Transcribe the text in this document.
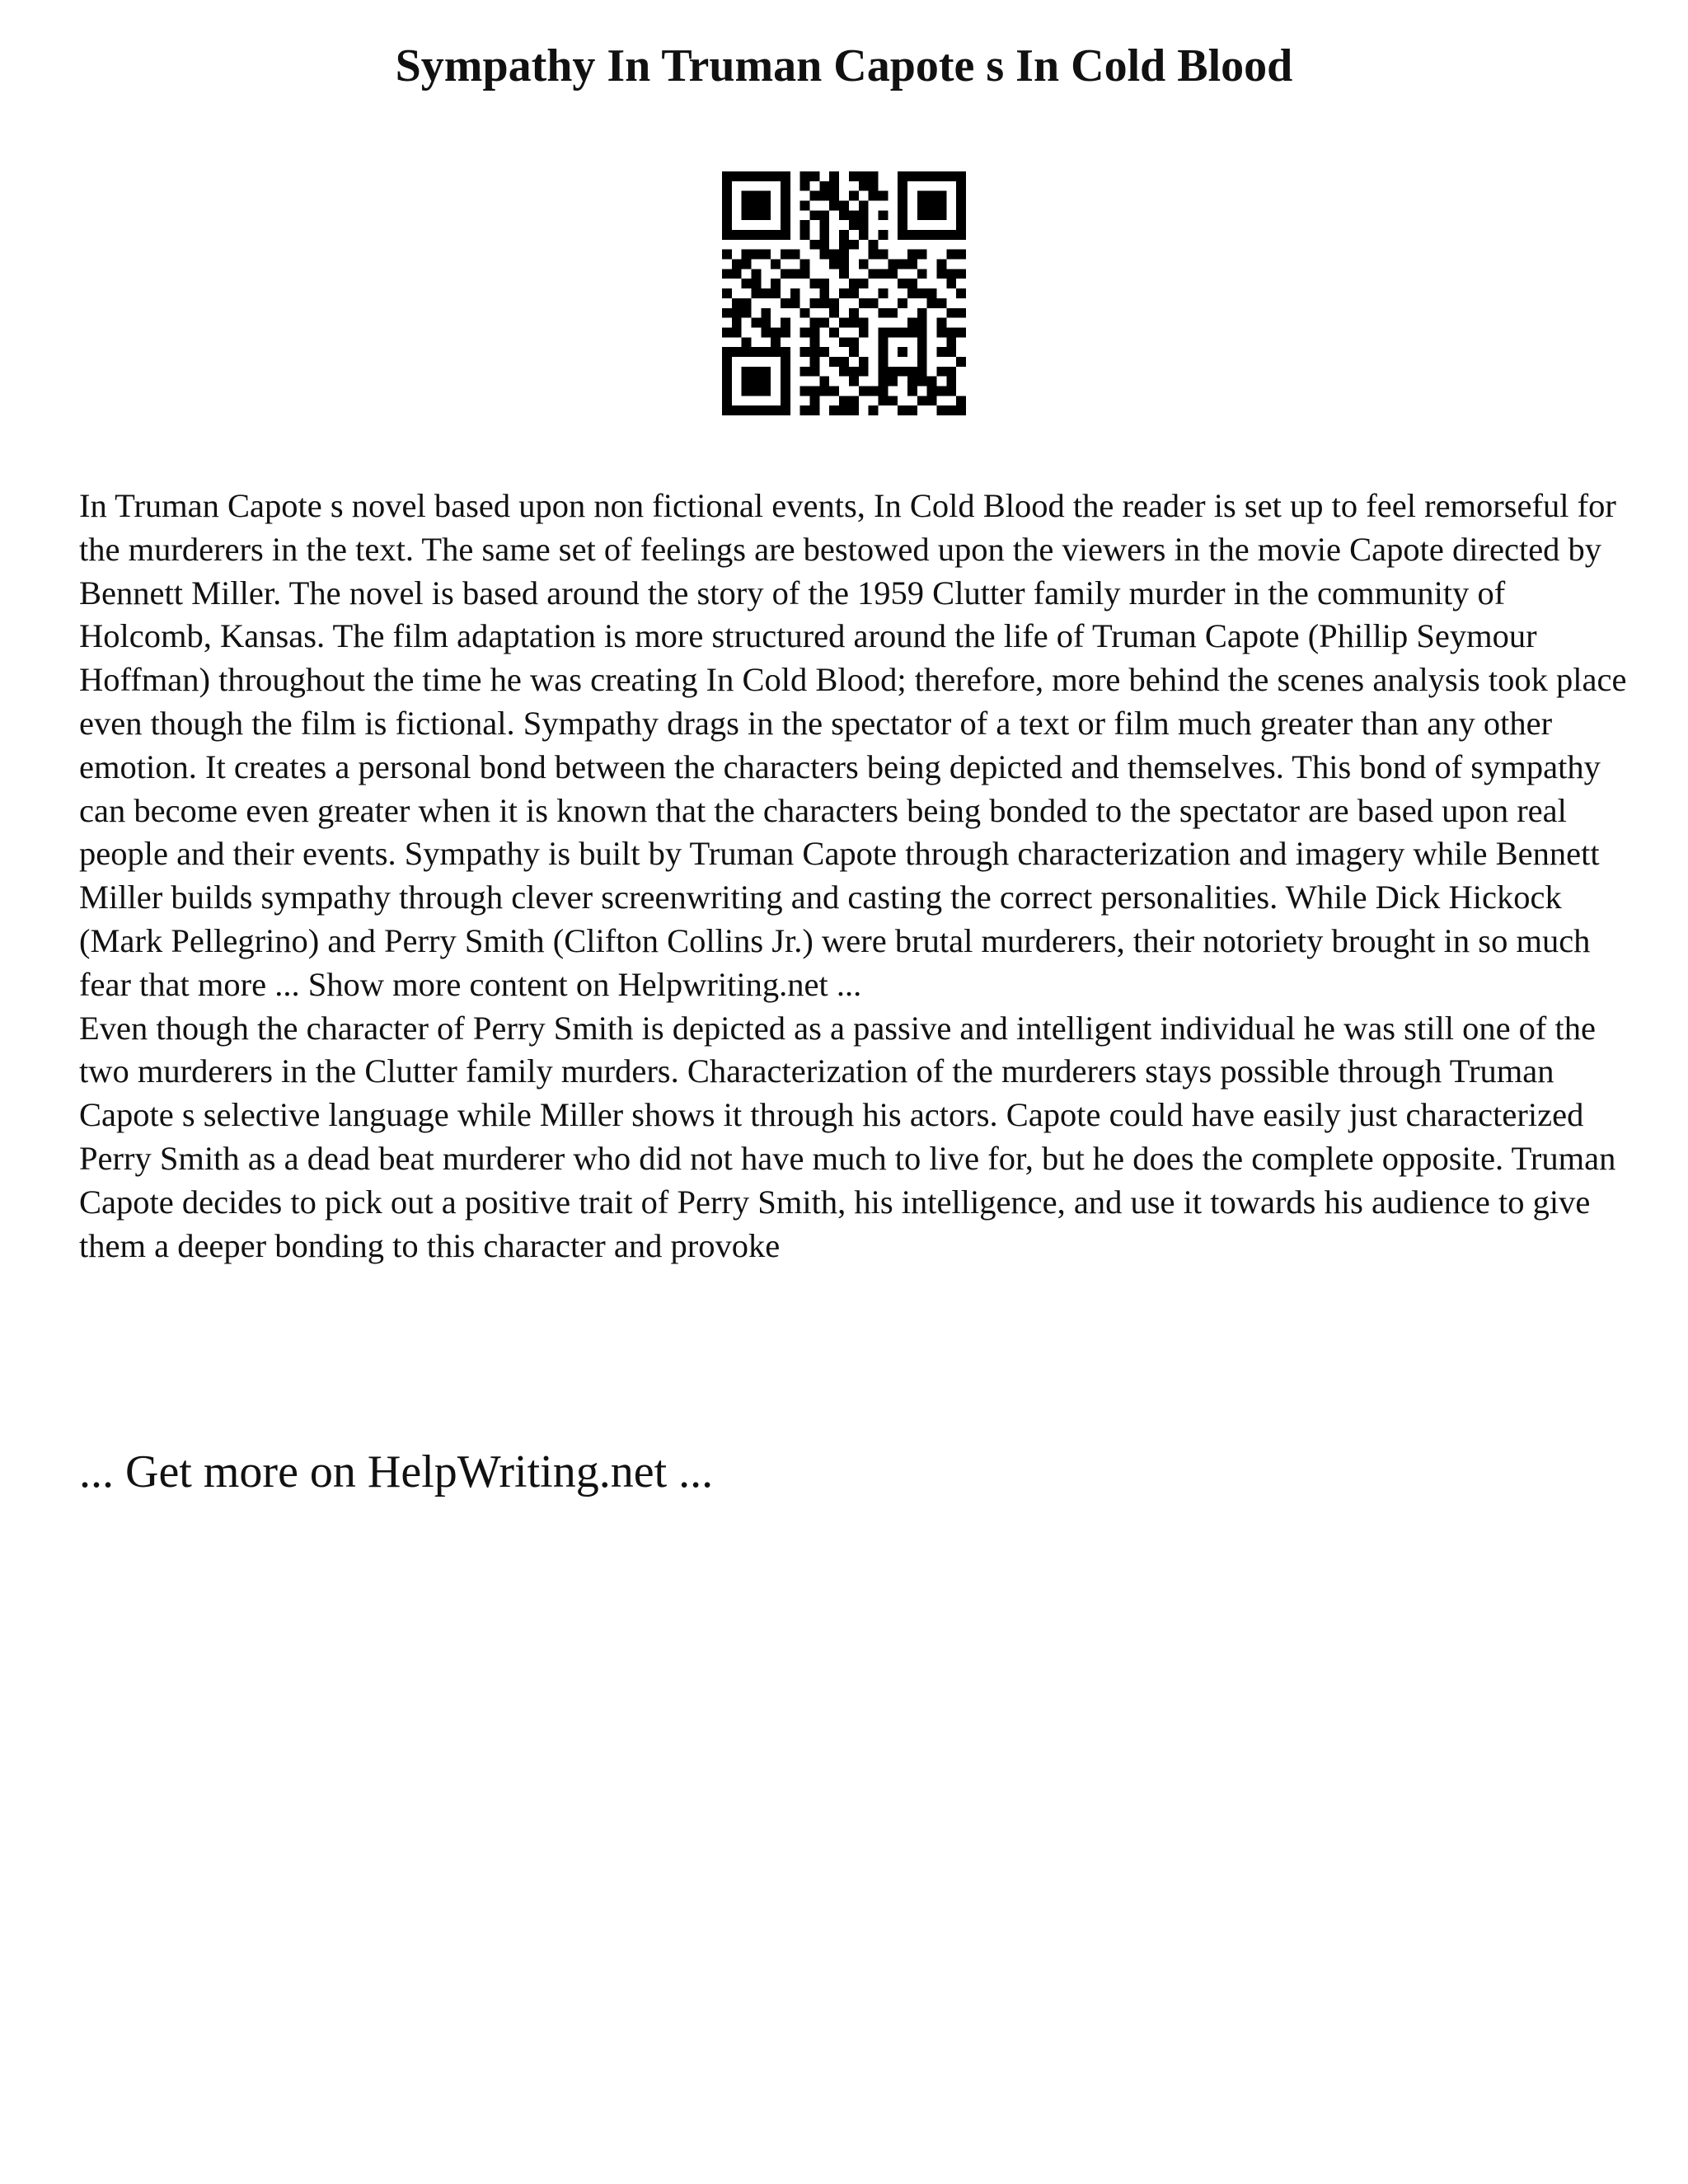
Sympathy In Truman Capote s In Cold Blood

In Truman Capote s novel based upon non fictional events, In Cold Blood the reader is set up to feel remorseful for the murderers in the text. The same set of feelings are bestowed upon the viewers in the movie Capote directed by Bennett Miller. The novel is based around the story of the 1959 Clutter family murder in the community of Holcomb, Kansas. The film adaptation is more structured around the life of Truman Capote (Phillip Seymour Hoffman) throughout the time he was creating In Cold Blood; therefore, more behind the scenes analysis took place even though the film is fictional. Sympathy drags in the spectator of a text or film much greater than any other emotion. It creates a personal bond between the characters being depicted and themselves. This bond of sympathy can become even greater when it is known that the characters being bonded to the spectator are based upon real people and their events. Sympathy is built by Truman Capote through characterization and imagery while Bennett Miller builds sympathy through clever screenwriting and casting the correct personalities. While Dick Hickock (Mark Pellegrino) and Perry Smith (Clifton Collins Jr.) were brutal murderers, their notoriety brought in so much fear that more ... Show more content on Helpwriting.net ...

Even though the character of Perry Smith is depicted as a passive and intelligent individual he was still one of the two murderers in the Clutter family murders. Characterization of the murderers stays possible through Truman Capote s selective language while Miller shows it through his actors. Capote could have easily just characterized Perry Smith as a dead beat murderer who did not have much to live for, but he does the complete opposite. Truman Capote decides to pick out a positive trait of Perry Smith, his intelligence, and use it towards his audience to give them a deeper bonding to this character and provoke

... Get more on HelpWriting.net ...
